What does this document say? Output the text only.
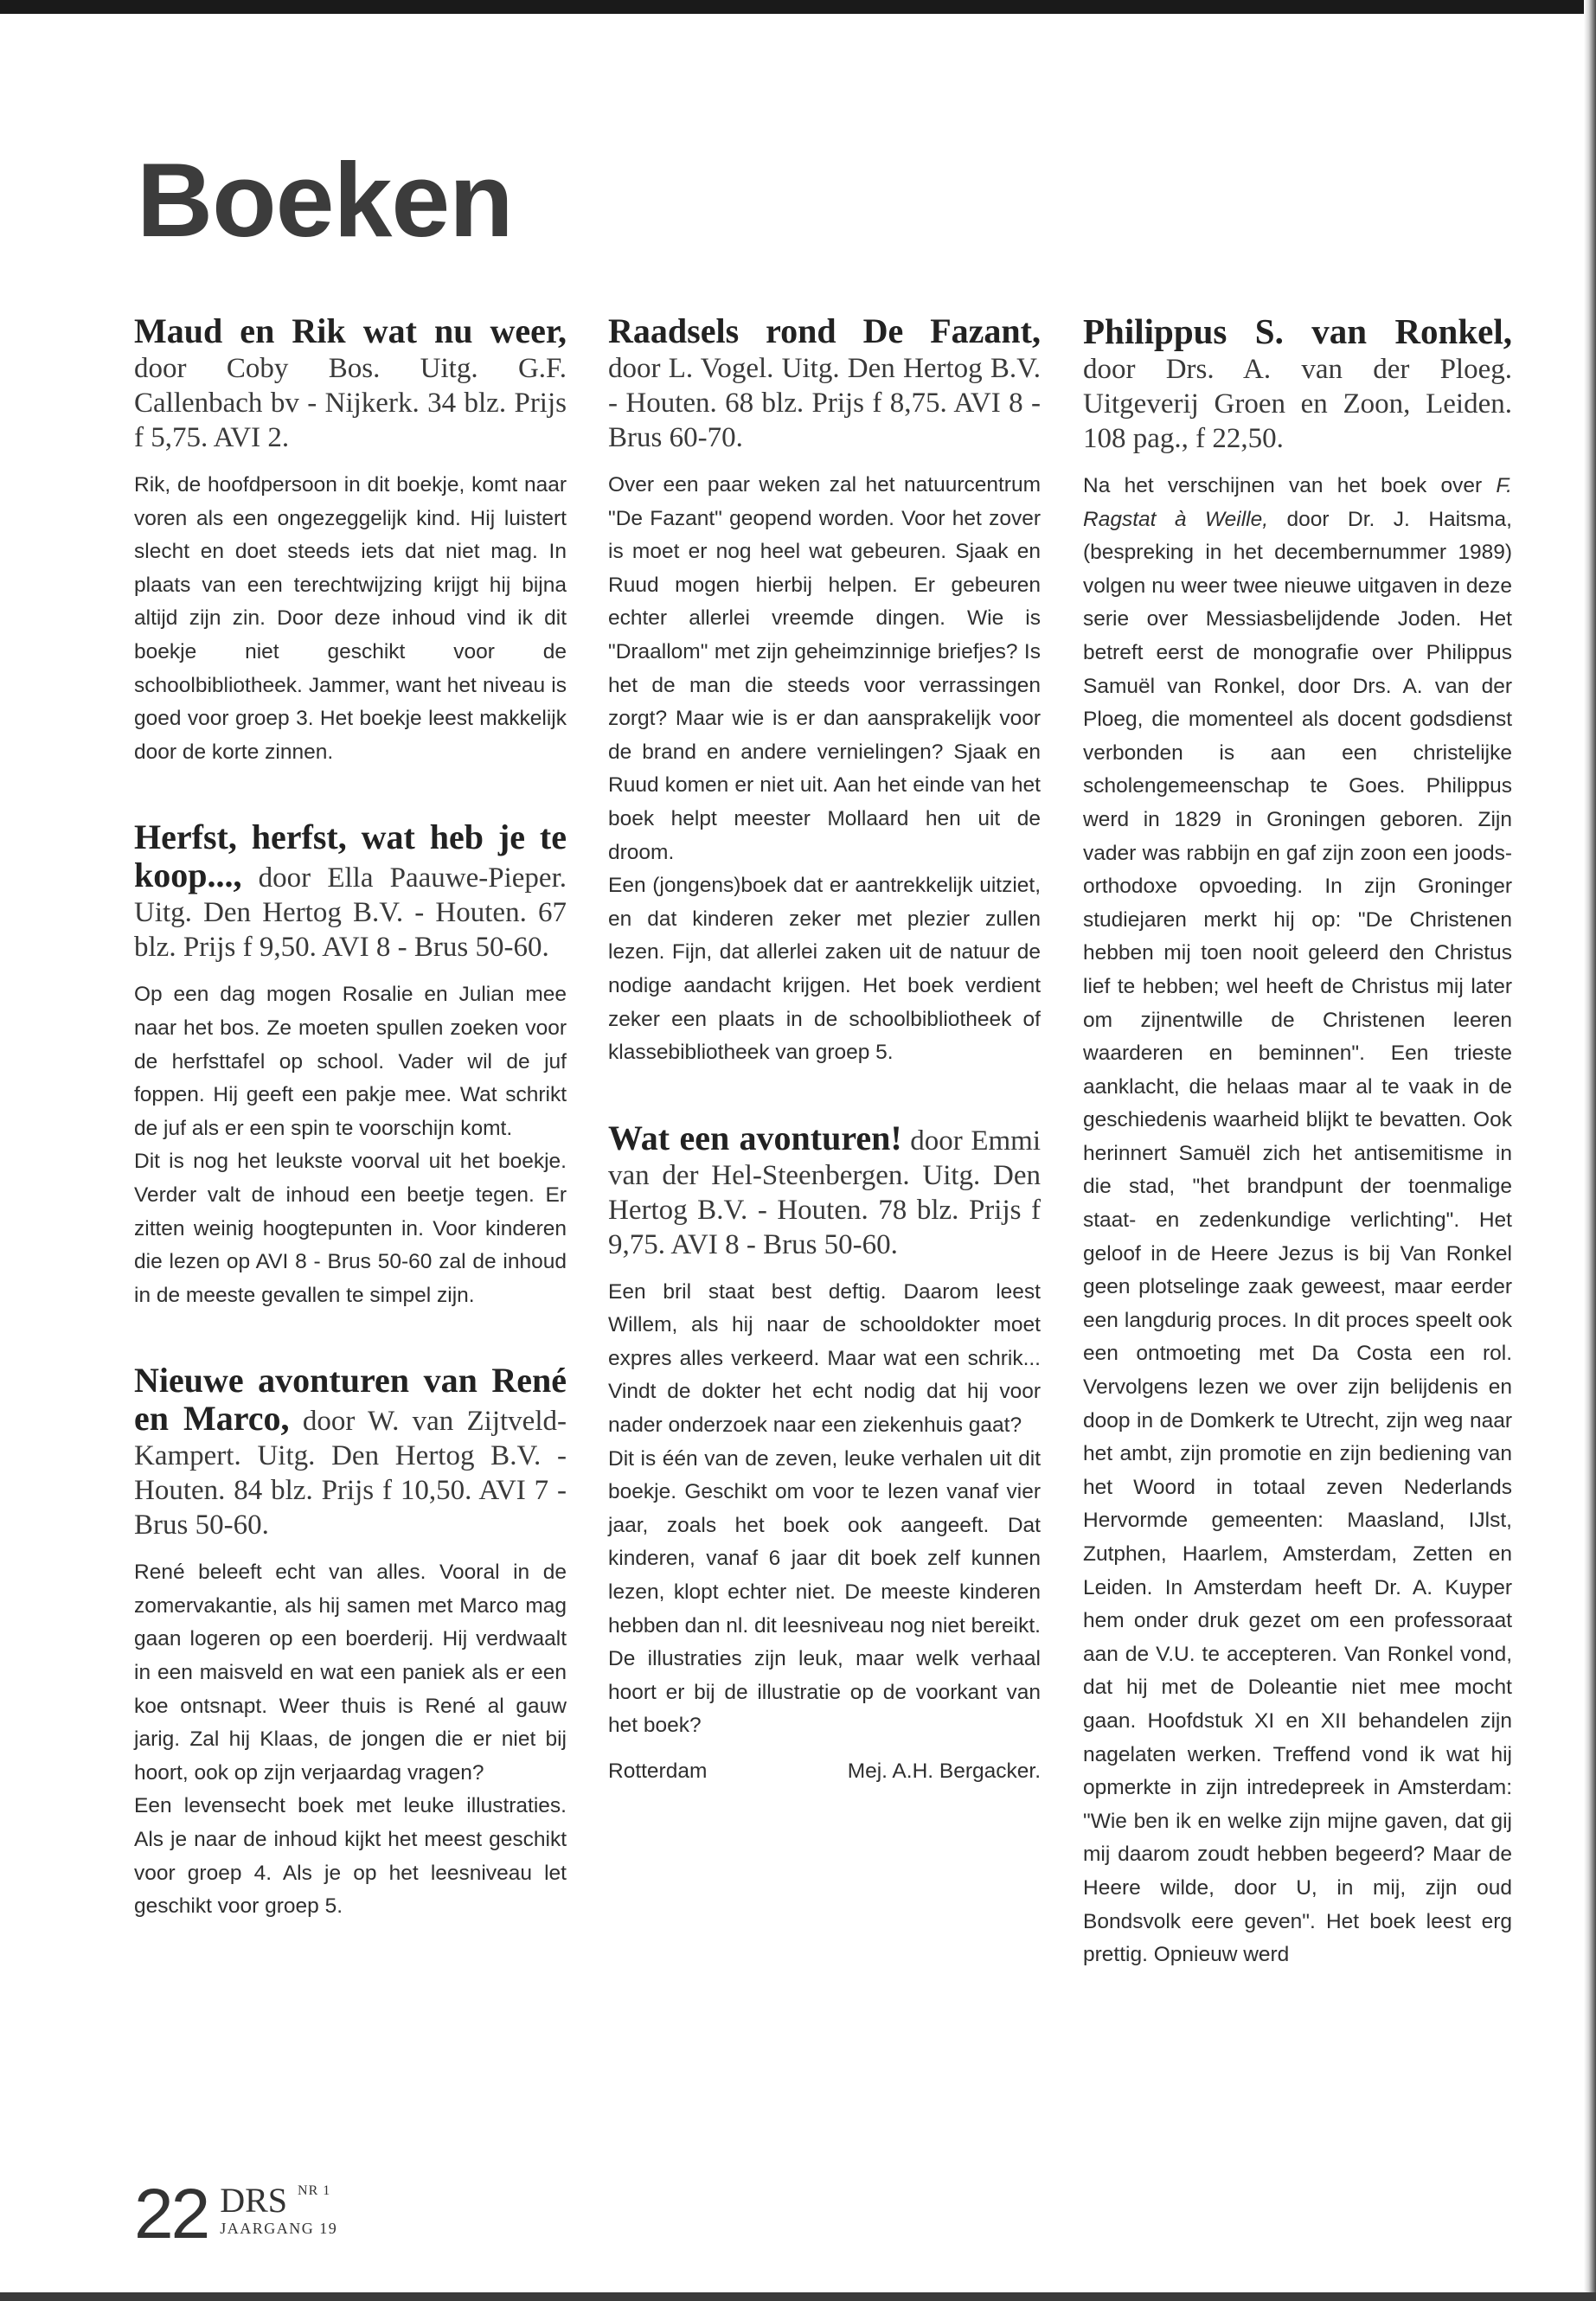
Boeken
Maud en Rik wat nu weer, door Coby Bos. Uitg. G.F. Callenbach bv - Nijkerk. 34 blz. Prijs f 5,75. AVI 2.

Rik, de hoofdpersoon in dit boekje, komt naar voren als een ongezeggelijk kind. Hij luistert slecht en doet steeds iets dat niet mag. In plaats van een terechtwijzing krijgt hij bijna altijd zijn zin. Door deze inhoud vind ik dit boekje niet geschikt voor de schoolbibliotheek. Jammer, want het niveau is goed voor groep 3. Het boekje leest makkelijk door de korte zinnen.

Herfst, herfst, wat heb je te koop..., door Ella Paauwe-Pieper. Uitg. Den Hertog B.V. - Houten. 67 blz. Prijs f 9,50. AVI 8 - Brus 50-60.

Op een dag mogen Rosalie en Julian mee naar het bos. Ze moeten spullen zoeken voor de herfsttafel op school. Vader wil de juf foppen. Hij geeft een pakje mee. Wat schrikt de juf als er een spin te voorschijn komt.

Dit is nog het leukste voorval uit het boekje. Verder valt de inhoud een beetje tegen. Er zitten weinig hoogtepunten in. Voor kinderen die lezen op AVI 8 - Brus 50-60 zal de inhoud in de meeste gevallen te simpel zijn.

Nieuwe avonturen van René en Marco, door W. van Zijtveld-Kampert. Uitg. Den Hertog B.V. - Houten. 84 blz. Prijs f 10,50. AVI 7 - Brus 50-60.

René beleeft echt van alles. Vooral in de zomervakantie, als hij samen met Marco mag gaan logeren op een boerderij. Hij verdwaalt in een maisveld en wat een paniek als er een koe ontsnapt. Weer thuis is René al gauw jarig. Zal hij Klaas, de jongen die er niet bij hoort, ook op zijn verjaardag vragen?

Een levensecht boek met leuke illustraties. Als je naar de inhoud kijkt het meest geschikt voor groep 4. Als je op het leesniveau let geschikt voor groep 5.

Raadsels rond De Fazant, door L. Vogel. Uitg. Den Hertog B.V. - Houten. 68 blz. Prijs f 8,75. AVI 8 - Brus 60-70.

Over een paar weken zal het natuurcentrum "De Fazant" geopend worden. Voor het zover is moet er nog heel wat gebeuren. Sjaak en Ruud mogen hierbij helpen. Er gebeuren echter allerlei vreemde dingen. Wie is "Draallom" met zijn geheimzinnige briefjes? Is het de man die steeds voor verrassingen zorgt? Maar wie is er dan aansprakelijk voor de brand en andere vernielingen? Sjaak en Ruud komen er niet uit. Aan het einde van het boek helpt meester Mollaard hen uit de droom.

Een (jongens)boek dat er aantrekkelijk uitziet, en dat kinderen zeker met plezier zullen lezen. Fijn, dat allerlei zaken uit de natuur de nodige aandacht krijgen. Het boek verdient zeker een plaats in de schoolbibliotheek of klassebibliotheek van groep 5.

Wat een avonturen! door Emmi van der Hel-Steenbergen. Uitg. Den Hertog B.V. - Houten. 78 blz. Prijs f 9,75. AVI 8 - Brus 50-60.

Een bril staat best deftig. Daarom leest Willem, als hij naar de schooldokter moet expres alles verkeerd. Maar wat een schrik... Vindt de dokter het echt nodig dat hij voor nader onderzoek naar een ziekenhuis gaat?

Dit is één van de zeven, leuke verhalen uit dit boekje. Geschikt om voor te lezen vanaf vier jaar, zoals het boek ook aangeeft. Dat kinderen, vanaf 6 jaar dit boek zelf kunnen lezen, klopt echter niet. De meeste kinderen hebben dan nl. dit leesniveau nog niet bereikt. De illustraties zijn leuk, maar welk verhaal hoort er bij de illustratie op de voorkant van het boek?

Rotterdam	Mej. A.H. Bergacker.
Philippus S. van Ronkel, door Drs. A. van der Ploeg. Uitgeverij Groen en Zoon, Leiden. 108 pag., f 22,50.

Na het verschijnen van het boek over F. Ragstat à Weille, door Dr. J. Haitsma, (bespreking in het decembernummer 1989) volgen nu weer twee nieuwe uitgaven in deze serie over Messiasbelijdende Joden. Het betreft eerst de monografie over Philippus Samuël van Ronkel, door Drs. A. van der Ploeg, die momenteel als docent godsdienst verbonden is aan een christelijke scholengemeenschap te Goes. Philippus werd in 1829 in Groningen geboren. Zijn vader was rabbijn en gaf zijn zoon een joods-orthodoxe opvoeding. In zijn Groninger studiejaren merkt hij op: "De Christenen hebben mij toen nooit geleerd den Christus lief te hebben; wel heeft de Christus mij later om zijnentwille de Christenen leeren waarderen en beminnen". Een trieste aanklacht, die helaas maar al te vaak in de geschiedenis waarheid blijkt te bevatten. Ook herinnert Samuël zich het antisemitisme in die stad, "het brandpunt der toenmalige staat- en zedenkundige verlichting". Het geloof in de Heere Jezus is bij Van Ronkel geen plotselinge zaak geweest, maar eerder een langdurig proces. In dit proces speelt ook een ontmoeting met Da Costa een rol. Vervolgens lezen we over zijn belijdenis en doop in de Domkerk te Utrecht, zijn weg naar het ambt, zijn promotie en zijn bediening van het Woord in totaal zeven Nederlands Hervormde gemeenten: Maasland, IJlst, Zutphen, Haarlem, Amsterdam, Zetten en Leiden. In Amsterdam heeft Dr. A. Kuyper hem onder druk gezet om een professoraat aan de V.U. te accepteren. Van Ronkel vond, dat hij met de Doleantie niet mee mocht gaan. Hoofdstuk XI en XII behandelen zijn nagelaten werken. Treffend vond ik wat hij opmerkte in zijn intredepreek in Amsterdam: "Wie ben ik en welke zijn mijne gaven, dat gij mij daarom zoudt hebben begeerd? Maar de Heere wilde, door U, in mij, zijn oud Bondsvolk eere geven". Het boek leest erg prettig. Opnieuw werd

22 DRS NR 1
JAARGANG 19
